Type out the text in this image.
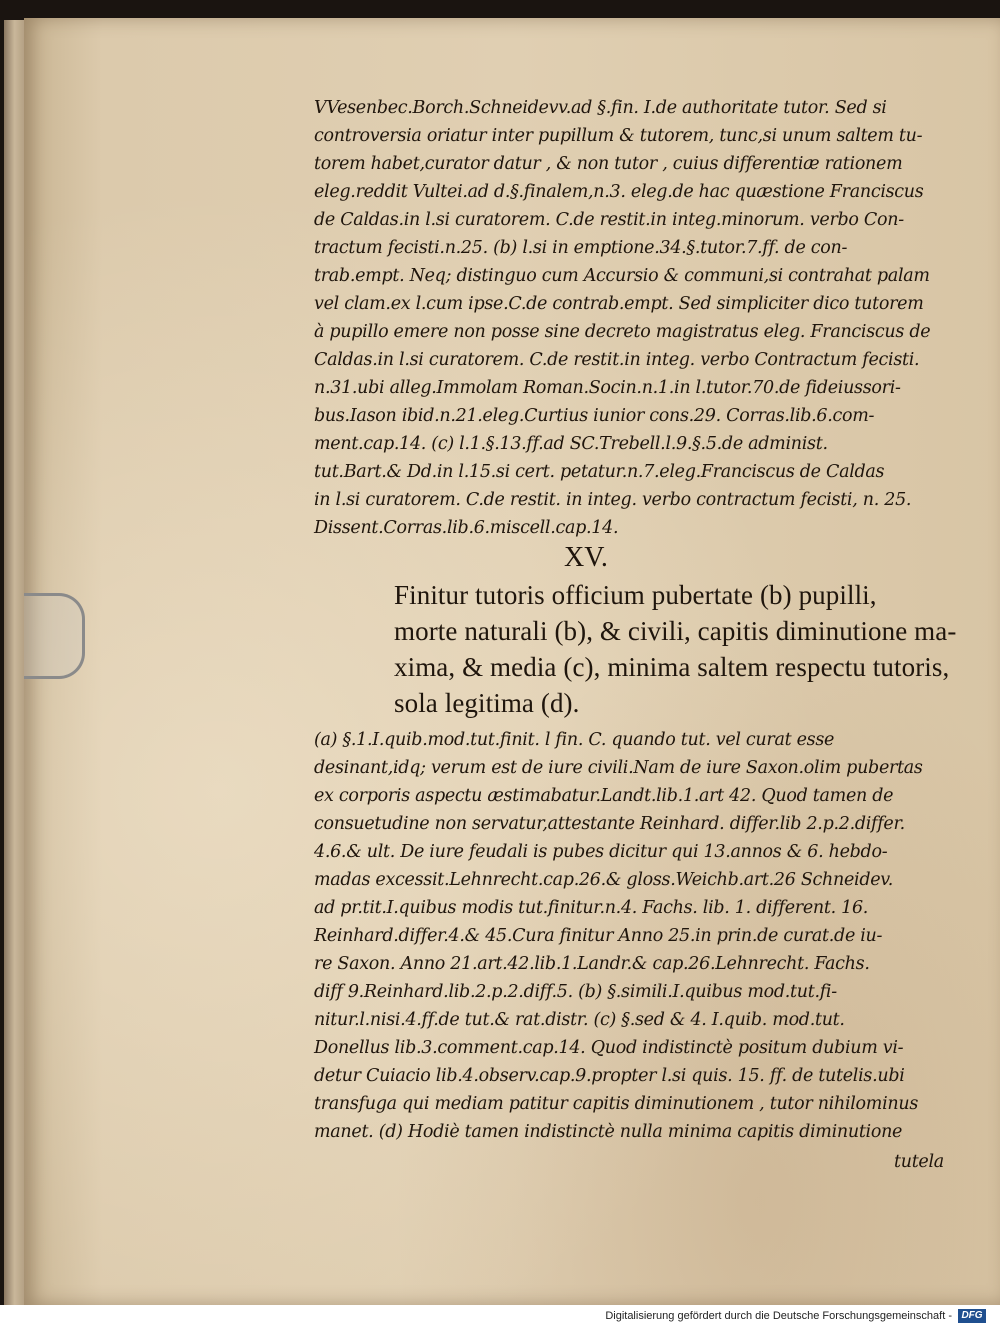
VVesenbec.Borch.Schneidevv.ad §.fin. I.de authoritate tutor. Sed si
controversia oriatur inter pupillum & tutorem, tunc,si unum saltem tu-
torem habet,curator datur , & non tutor , cuius differentiæ rationem
eleg.reddit Vultei.ad d.§.finalem,n.3. eleg.de hac quæstione Franciscus
de Caldas.in l.si curatorem. C.de restit.in integ.minorum. verbo Con-
tractum fecisti.n.25. (b) l.si in emptione.34.§.tutor.7.ff. de con-
trab.empt. Neq; distinguo cum Accursio & communi,si contrahat palam
vel clam.ex l.cum ipse.C.de contrab.empt. Sed simpliciter dico tutorem
à pupillo emere non posse sine decreto magistratus eleg. Franciscus de
Caldas.in l.si curatorem. C.de restit.in integ. verbo Contractum fecisti.
n.31.ubi alleg.Immolam Roman.Socin.n.1.in l.tutor.70.de fideiussori-
bus.Iason ibid.n.21.eleg.Curtius iunior cons.29. Corras.lib.6.com-
ment.cap.14. (c) l.1.§.13.ff.ad SC.Trebell.l.9.§.5.de administ.
tut.Bart.& Dd.in l.15.si cert. petatur.n.7.eleg.Franciscus de Caldas
in l.si curatorem. C.de restit. in integ. verbo contractum fecisti, n. 25.
Dissent.Corras.lib.6.miscell.cap.14.
XV.
Finitur tutoris officium pubertate (b) pupilli,
morte naturali (b), & civili, capitis diminutione ma-
xima, & media (c), minima saltem respectu tutoris,
sola legitima (d).
(a) §.1.I.quib.mod.tut.finit. l fin. C. quando tut. vel curat esse
desinant,idq; verum est de iure civili.Nam de iure Saxon.olim pubertas
ex corporis aspectu æstimabatur.Landt.lib.1.art 42. Quod tamen de
consuetudine non servatur,attestante Reinhard. differ.lib 2.p.2.differ.
4.6.& ult. De iure feudali is pubes dicitur qui 13.annos & 6. hebdo-
madas excessit.Lehnrecht.cap.26.& gloss.Weichb.art.26 Schneidev.
ad pr.tit.I.quibus modis tut.finitur.n.4. Fachs. lib. 1. different. 16.
Reinhard.differ.4.& 45.Cura finitur Anno 25.in prin.de curat.de iu-
re Saxon. Anno 21.art.42.lib.1.Landr.& cap.26.Lehnrecht. Fachs.
diff 9.Reinhard.lib.2.p.2.diff.5. (b) §.simili.I.quibus mod.tut.fi-
nitur.l.nisi.4.ff.de tut.& rat.distr. (c) §.sed & 4. I.quib. mod.tut.
Donellus lib.3.comment.cap.14. Quod indistinctè positum dubium vi-
detur Cuiacio lib.4.observ.cap.9.propter l.si quis. 15. ff. de tutelis.ubi
transfuga qui mediam patitur capitis diminutionem , tutor nihilominus
manet. (d) Hodiè tamen indistinctè nulla minima capitis diminutione
tutela
Digitalisierung gefördert durch die Deutsche Forschungsgemeinschaft - DFG
